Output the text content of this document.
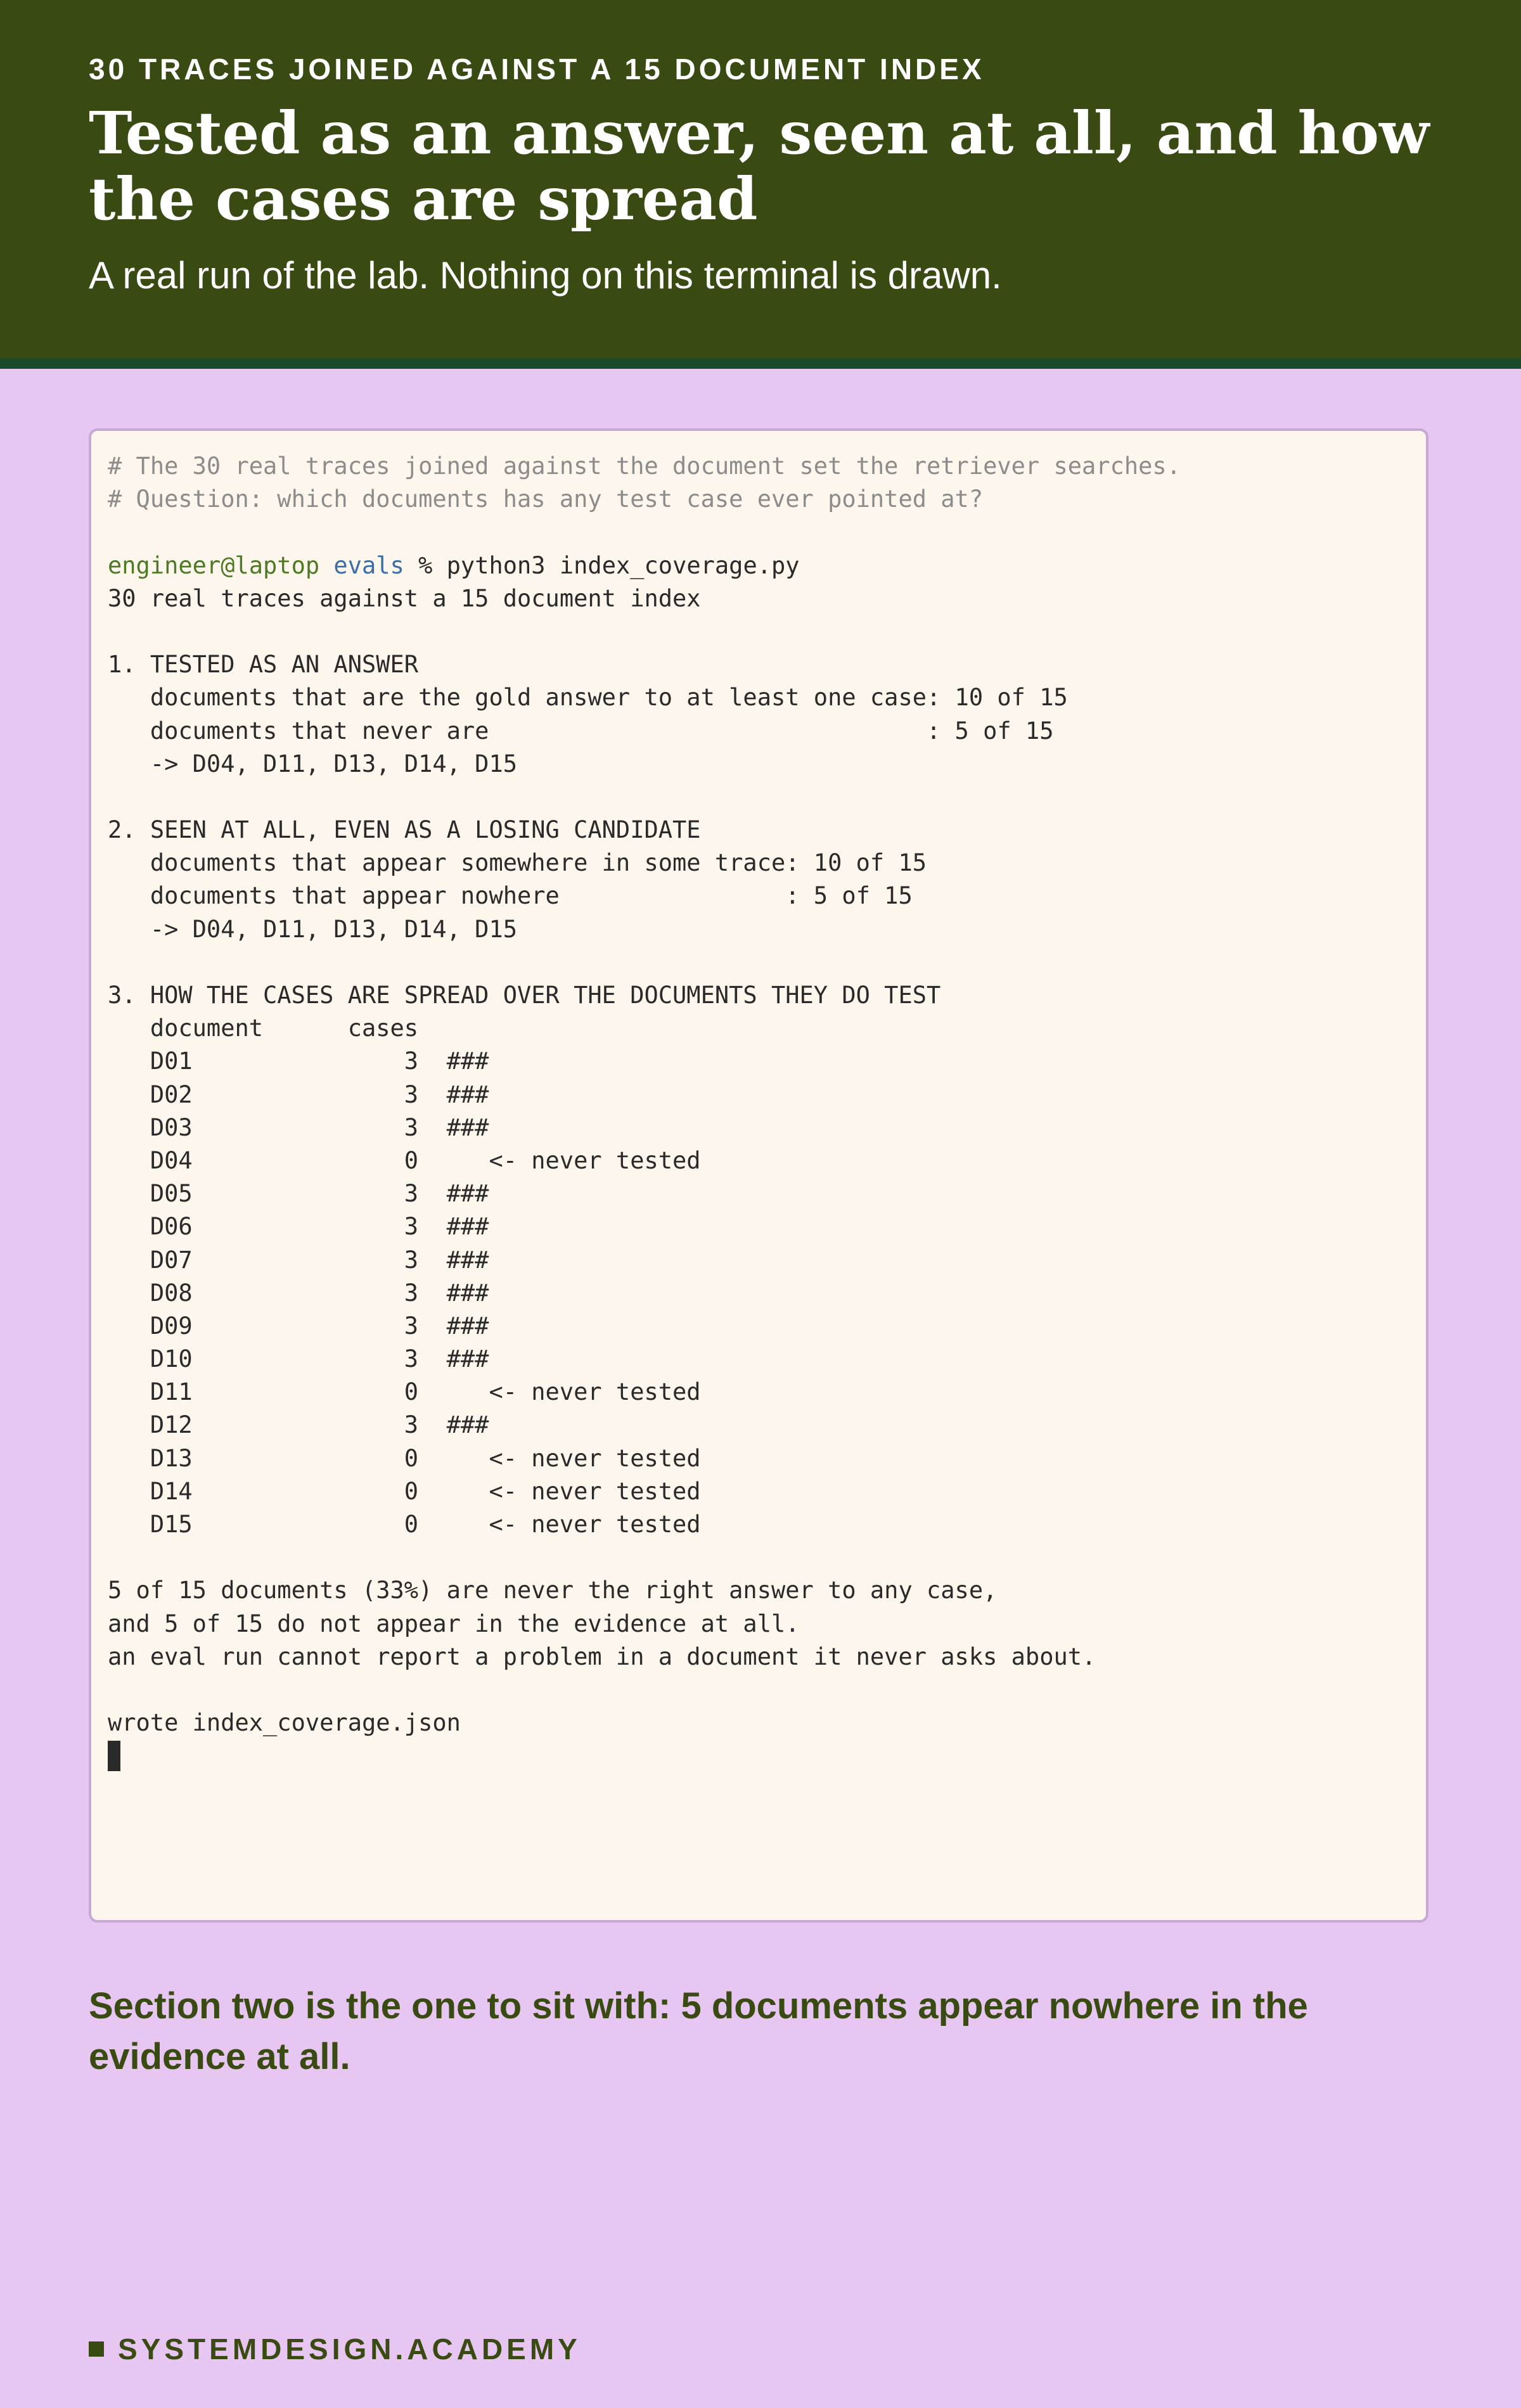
30 TRACES JOINED AGAINST A 15 DOCUMENT INDEX
Tested as an answer, seen at all, and how the cases are spread
A real run of the lab. Nothing on this terminal is drawn.
# The 30 real traces joined against the document set the retriever searches.
# Question: which documents has any test case ever pointed at?
engineer@laptop evals % python3 index_coverage.py
30 real traces against a 15 document index
1. TESTED AS AN ANSWER
documents that are the gold answer to at least one case: 10 of 15
documents that never are                               : 5 of 15
-> D04, D11, D13, D14, D15
2. SEEN AT ALL, EVEN AS A LOSING CANDIDATE
documents that appear somewhere in some trace: 10 of 15
documents that appear nowhere                : 5 of 15
-> D04, D11, D13, D14, D15
3. HOW THE CASES ARE SPREAD OVER THE DOCUMENTS THEY DO TEST
document      cases
D01               3  ###
D02               3  ###
D03               3  ###
D04               0     <- never tested
D05               3  ###
D06               3  ###
D07               3  ###
D08               3  ###
D09               3  ###
D10               3  ###
D11               0     <- never tested
D12               3  ###
D13               0     <- never tested
D14               0     <- never tested
D15               0     <- never tested
5 of 15 documents (33%) are never the right answer to any case,
and 5 of 15 do not appear in the evidence at all.
an eval run cannot report a problem in a document it never asks about.
wrote index_coverage.json
Section two is the one to sit with: 5 documents appear nowhere in the evidence at all.
SYSTEMDESIGN.ACADEMY
